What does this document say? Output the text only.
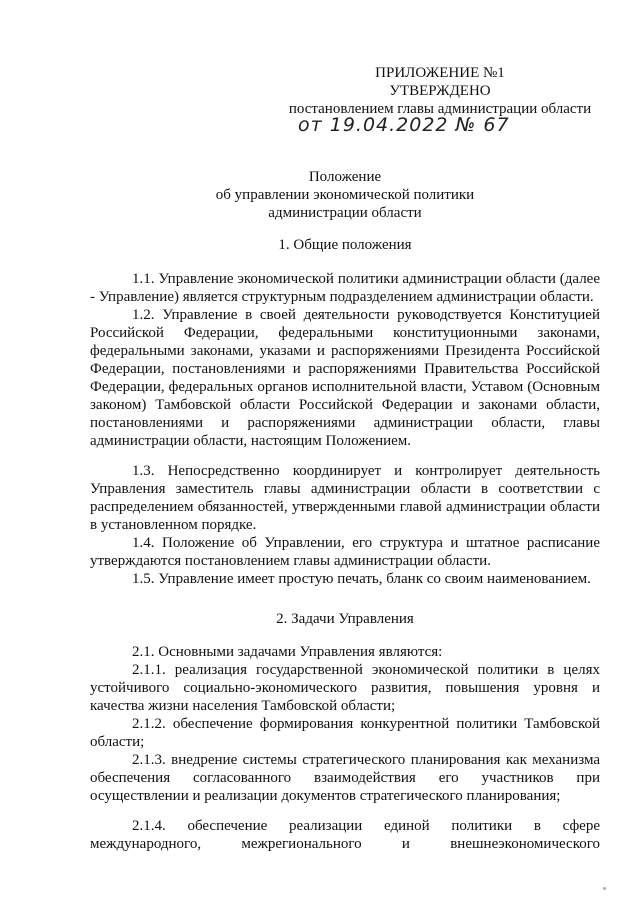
ПРИЛОЖЕНИЕ №1
УТВЕРЖДЕНО
постановлением главы администрации области
от 19.04.2022 № 67
Положение
об управлении экономической политики
администрации области
1. Общие положения

1.1. Управление экономической политики администрации области (далее - Управление) является структурным подразделением администрации области.

1.2. Управление в своей деятельности руководствуется Конституцией Российской Федерации, федеральными конституционными законами, федеральными законами, указами и распоряжениями Президента Российской Федерации, постановлениями и распоряжениями Правительства Российской Федерации, федеральных органов исполнительной власти, Уставом (Основным законом) Тамбовской области Российской Федерации и законами области, постановлениями и распоряжениями администрации области, главы администрации области, настоящим Положением.

1.3. Непосредственно координирует и контролирует деятельность Управления заместитель главы администрации области в соответствии с распределением обязанностей, утвержденными главой администрации области в установленном порядке.

1.4. Положение об Управлении, его структура и штатное расписание утверждаются постановлением главы администрации области.

1.5. Управление имеет простую печать, бланк со своим наименованием.

2. Задачи Управления

2.1. Основными задачами Управления являются:

2.1.1. реализация государственной экономической политики в целях устойчивого социально-экономического развития, повышения уровня и качества жизни населения Тамбовской области;

2.1.2. обеспечение формирования конкурентной политики Тамбовской области;

2.1.3. внедрение системы стратегического планирования как механизма обеспечения согласованного взаимодействия его участников при осуществлении и реализации документов стратегического планирования;

2.1.4. обеспечение реализации единой политики в сфере международного, межрегионального и внешнеэкономического
